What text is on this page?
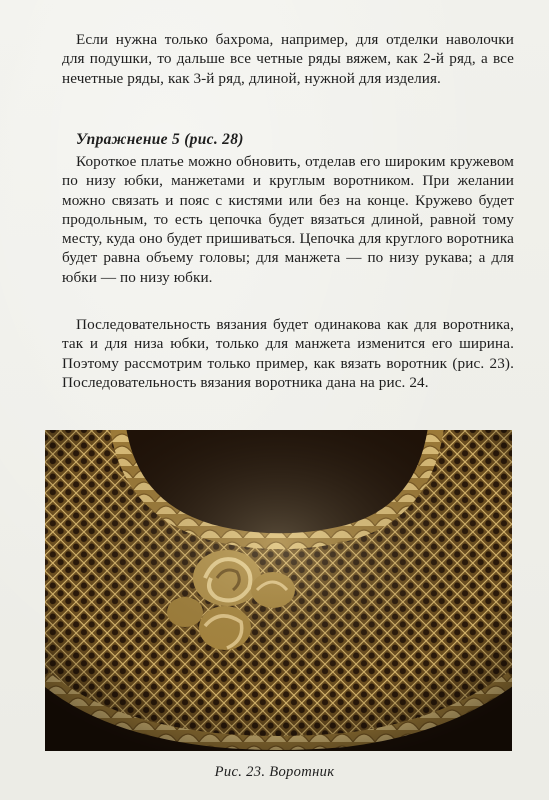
Если нужна только бахрома, например, для отделки наволочки для подушки, то дальше все четные ряды вяжем, как 2-й ряд, а все нечетные ряды, как 3-й ряд, длиной, нужной для изделия.

Упражнение 5 (рис. 28)

Короткое платье можно обновить, отделав его широким кружевом по низу юбки, манжетами и круглым воротником. При желании можно связать и пояс с кистями или без на конце. Кружево будет продольным, то есть цепочка будет вязаться длиной, равной тому месту, куда оно будет пришиваться. Цепочка для круглого воротника будет равна объему головы; для манжета — по низу рукава; а для юбки — по низу юбки.

Последовательность вязания будет одинакова как для воротника, так и для низа юбки, только для манжета изменится его ширина. Поэтому рассмотрим только пример, как вязать воротник (рис. 23). Последовательность вязания воротника дана на рис. 24.

Рис. 23. Воротник
